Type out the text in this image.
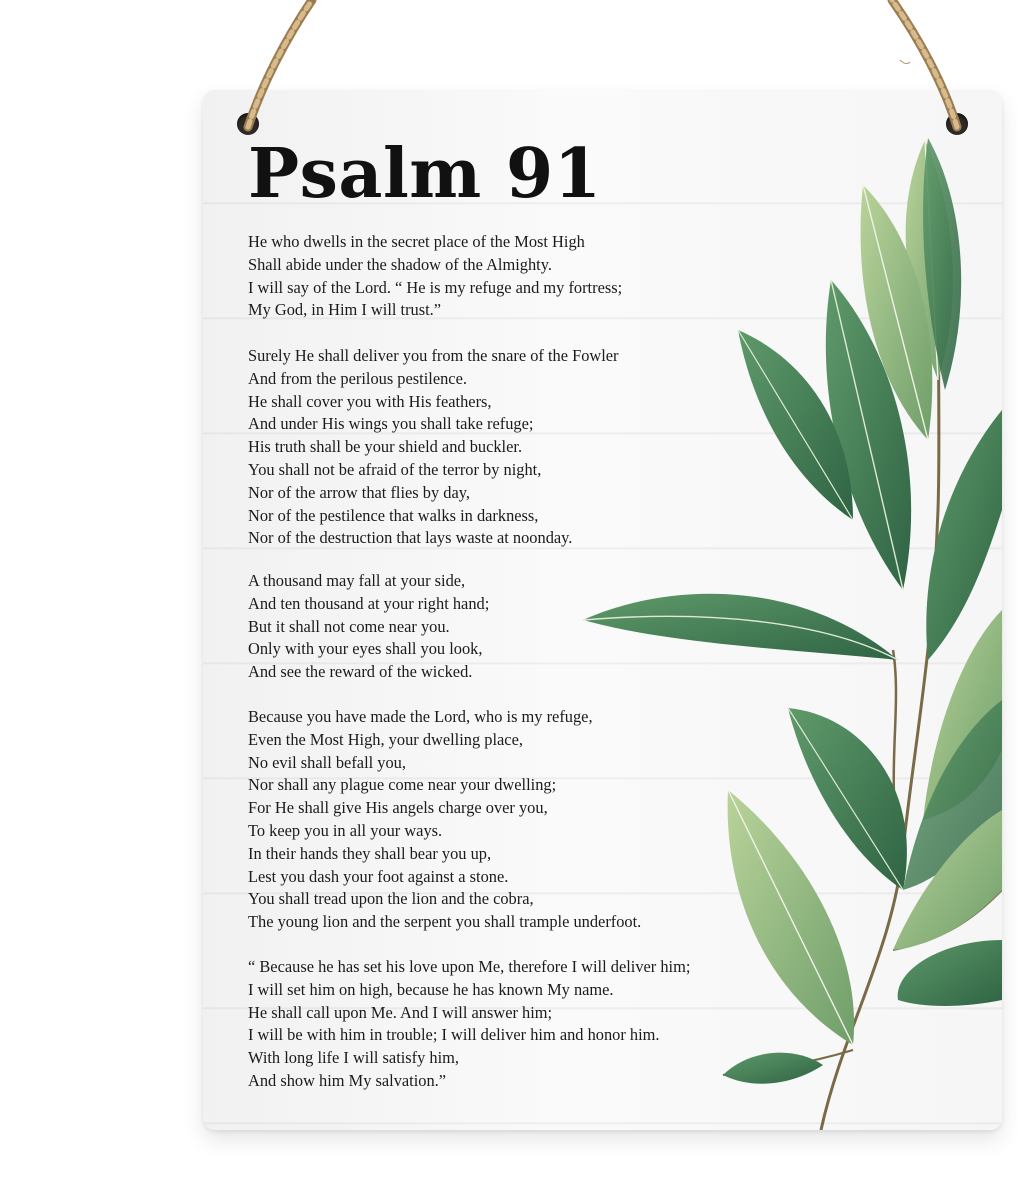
Psalm 91
He who dwells in the secret place of the Most High
Shall abide under the shadow of the Almighty.
I will say of the Lord. “ He is my refuge and my fortress;
My God, in Him I will trust.”
Surely He shall deliver you from the snare of the Fowler
And from the perilous pestilence.
He shall cover you with His feathers,
And under His wings you shall take refuge;
His truth shall be your shield and buckler.
You shall not be afraid of the terror by night,
Nor of the arrow that flies by day,
Nor of the pestilence that walks in darkness,
Nor of the destruction that lays waste at noonday.
A thousand may fall at your side,
And ten thousand at your right hand;
But it shall not come near you.
Only with your eyes shall you look,
And see the reward of the wicked.
Because you have made the Lord, who is my refuge,
Even the Most High, your dwelling place,
No evil shall befall you,
Nor shall any plague come near your dwelling;
For He shall give His angels charge over you,
To keep you in all your ways.
In their hands they shall bear you up,
Lest you dash your foot against a stone.
You shall tread upon the lion and the cobra,
The young lion and the serpent you shall trample underfoot.
“ Because he has set his love upon Me, therefore I will deliver him;
I will set him on high, because he has known My name.
He shall call upon Me. And I will answer him;
I will be with him in trouble; I will deliver him and honor him.
With long life I will satisfy him,
And show him My salvation.”
